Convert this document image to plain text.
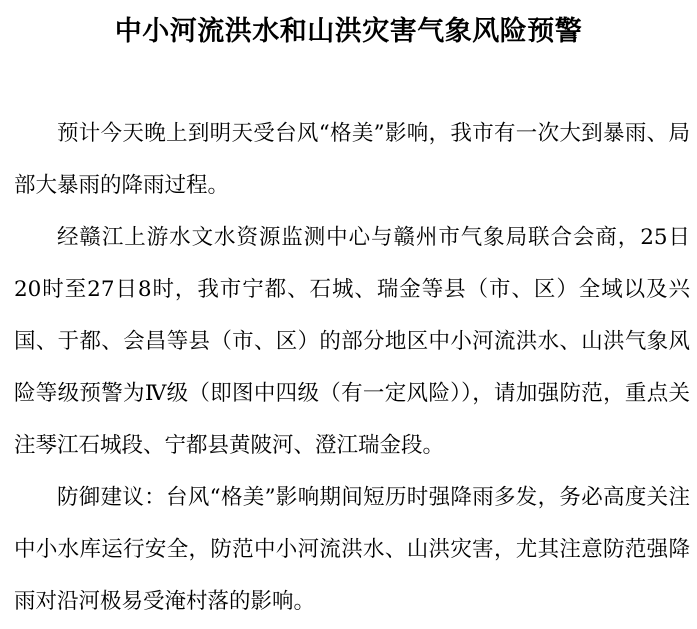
中小河流洪水和山洪灾害气象风险预警

预计今天晚上到明天受台风“格美”影响，我市有一次大到暴雨、局部大暴雨的降雨过程。

经赣江上游水文水资源监测中心与赣州市气象局联合会商，25日20时至27日8时，我市宁都、石城、瑞金等县（市、区）全域以及兴国、于都、会昌等县（市、区）的部分地区中小河流洪水、山洪气象风险等级预警为Ⅳ级（即图中四级（有一定风险）），请加强防范，重点关注琴江石城段、宁都县黄陂河、澄江瑞金段。

防御建议：台风“格美”影响期间短历时强降雨多发，务必高度关注中小水库运行安全，防范中小河流洪水、山洪灾害，尤其注意防范强降雨对沿河极易受淹村落的影响。
